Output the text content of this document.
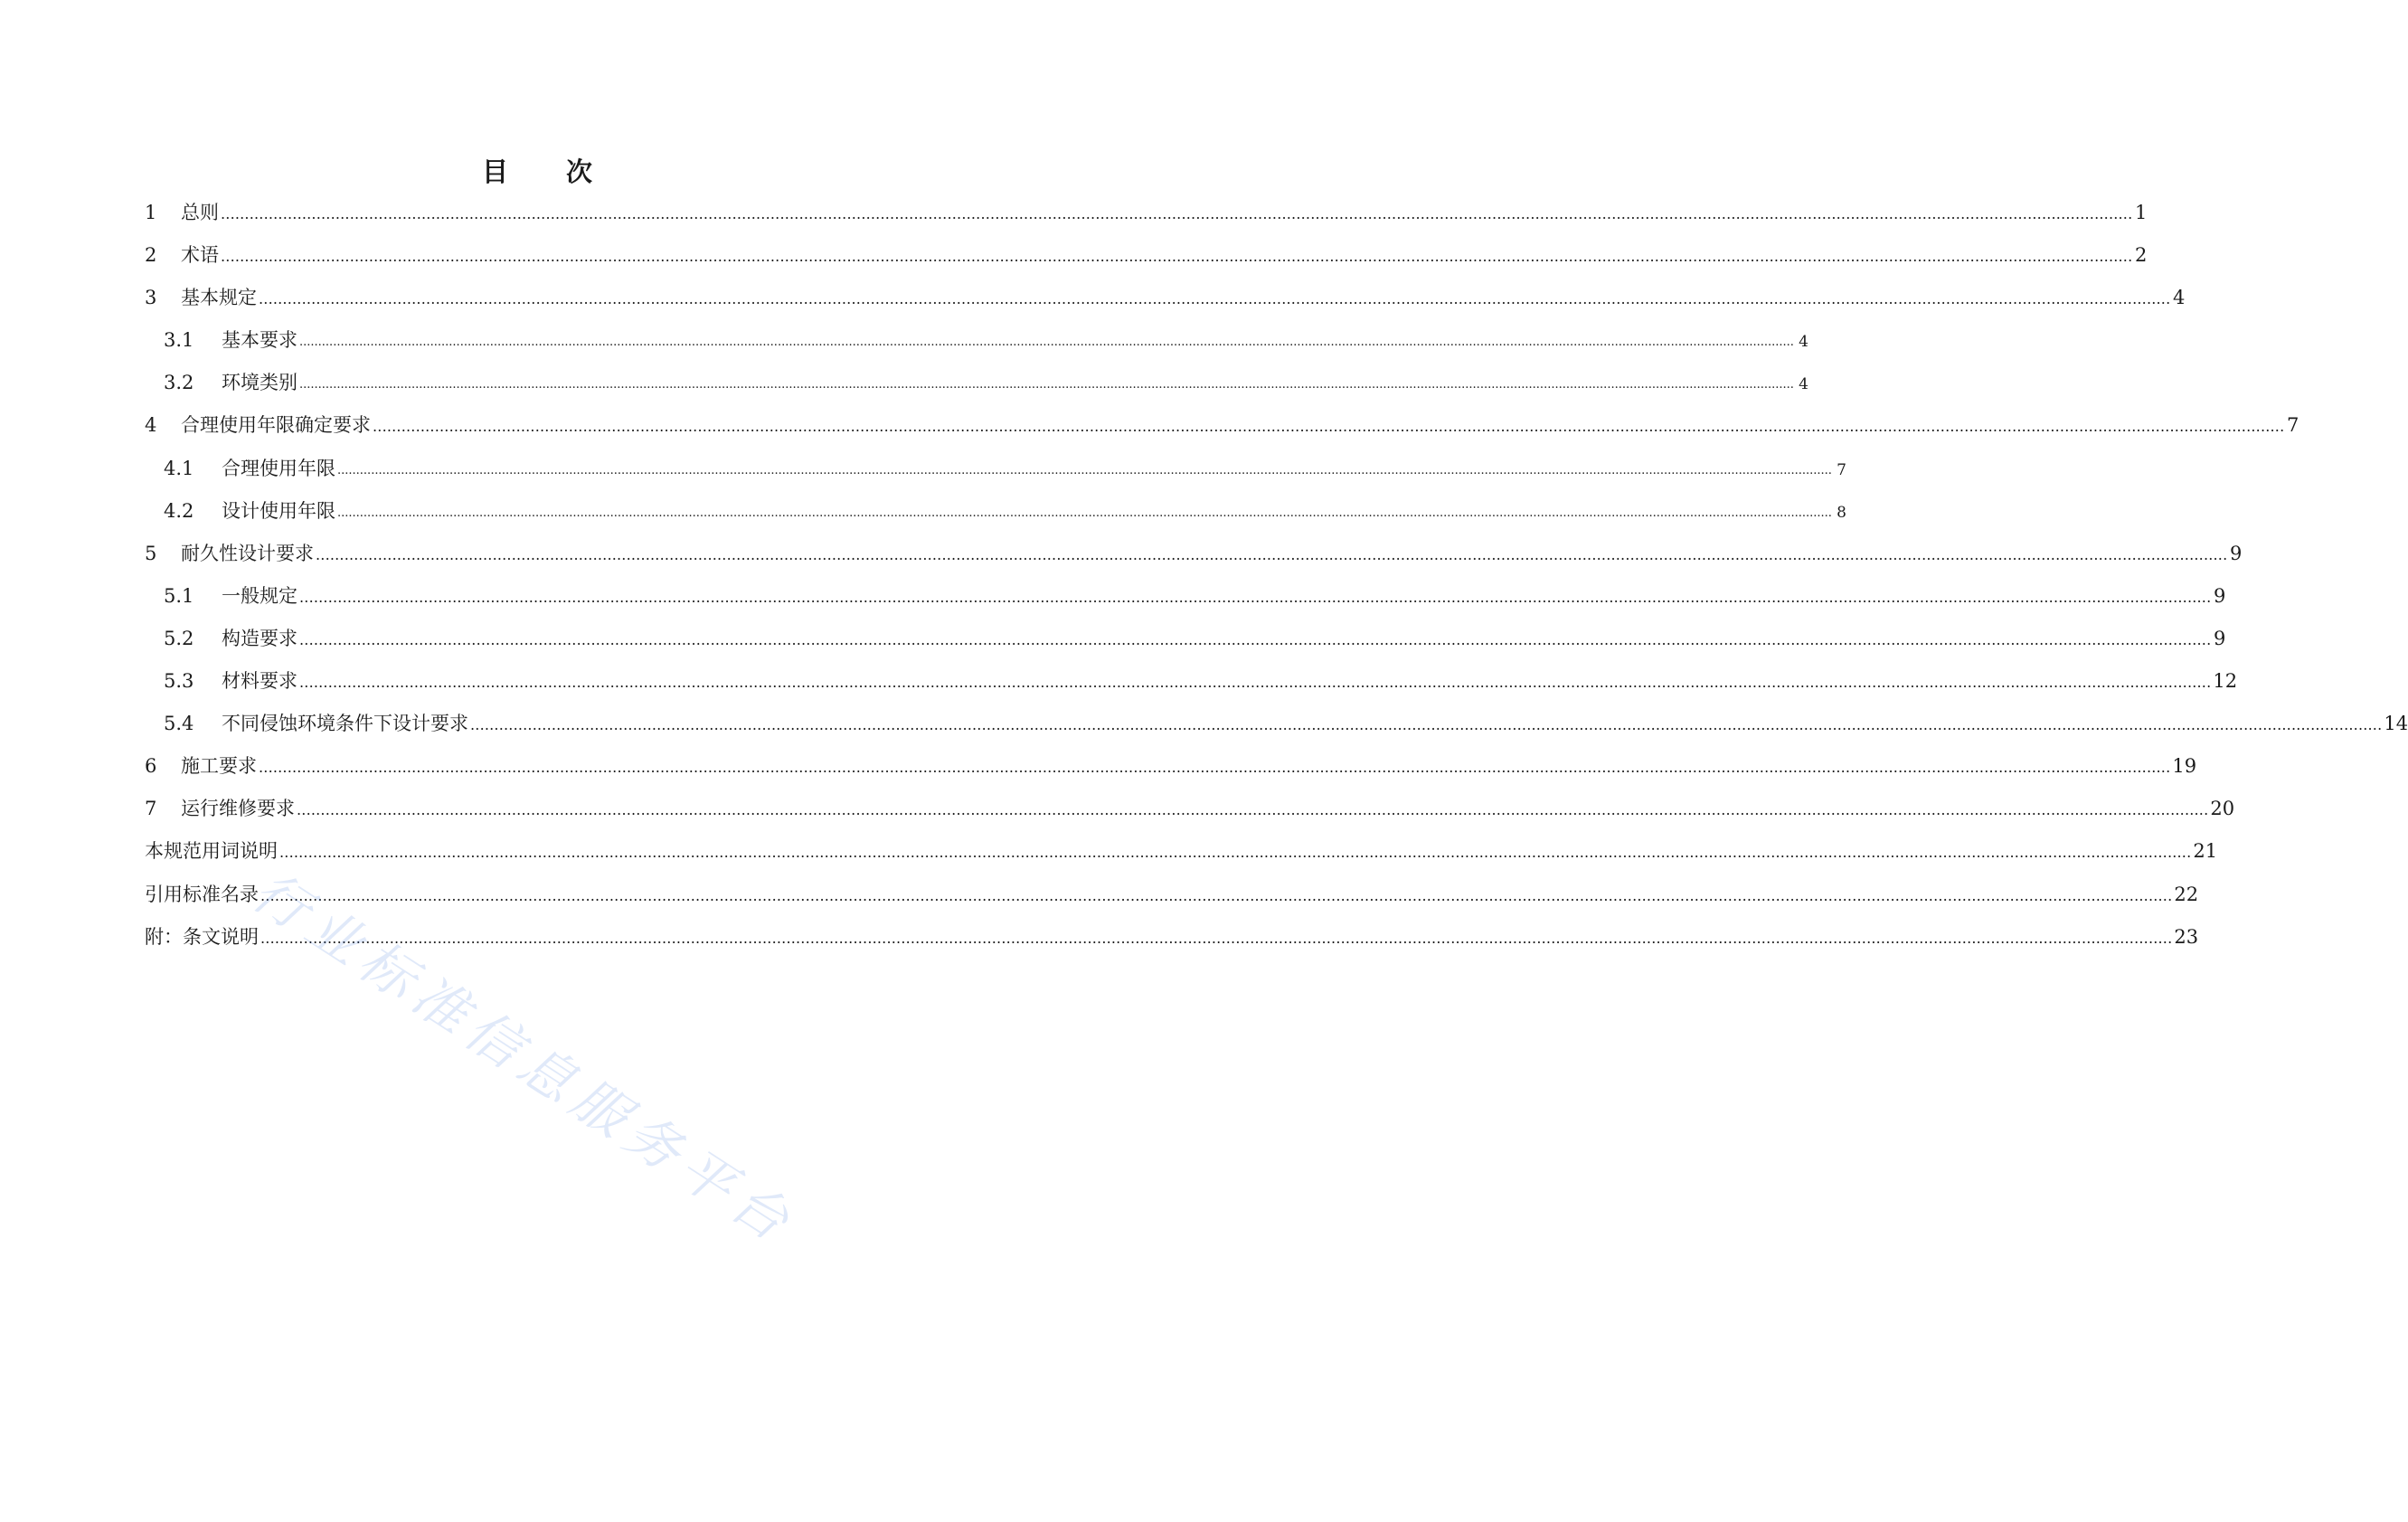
目 次
1 总则 ................................................................................................................................................................................................................................................................................................................................................................................................................ 1
2 术语 ................................................................................................................................................................................................................................................................................................................................................................................................................ 2
3 基本规定 ................................................................................................................................................................................................................................................................................................................................................................................................................ 4
3.1	基本要求 ................................................................................................................................................................................................................................................................................................................................................................................................................ 4
3.2	环境类别 ................................................................................................................................................................................................................................................................................................................................................................................................................ 4
4 合理使用年限确定要求 ................................................................................................................................................................................................................................................................................................................................................................................................................ 7
4.1	合理使用年限 ................................................................................................................................................................................................................................................................................................................................................................................................................ 7
4.2	设计使用年限 ................................................................................................................................................................................................................................................................................................................................................................................................................ 8
5 耐久性设计要求 ................................................................................................................................................................................................................................................................................................................................................................................................................ 9
5.1	一般规定 ................................................................................................................................................................................................................................................................................................................................................................................................................ 9
5.2	构造要求 ................................................................................................................................................................................................................................................................................................................................................................................................................ 9
5.3	材料要求 ................................................................................................................................................................................................................................................................................................................................................................................................................ 12
5.4	不同侵蚀环境条件下设计要求 ................................................................................................................................................................................................................................................................................................................................................................................................................ 14
6 施工要求 ................................................................................................................................................................................................................................................................................................................................................................................................................ 19
7 运行维修要求 ................................................................................................................................................................................................................................................................................................................................................................................................................ 20
本规范用词说明 ................................................................................................................................................................................................................................................................................................................................................................................................................ 21
引用标准名录 ................................................................................................................................................................................................................................................................................................................................................................................................................ 22
附：条文说明 ................................................................................................................................................................................................................................................................................................................................................................................................................ 23
行业标准信息服务平台
